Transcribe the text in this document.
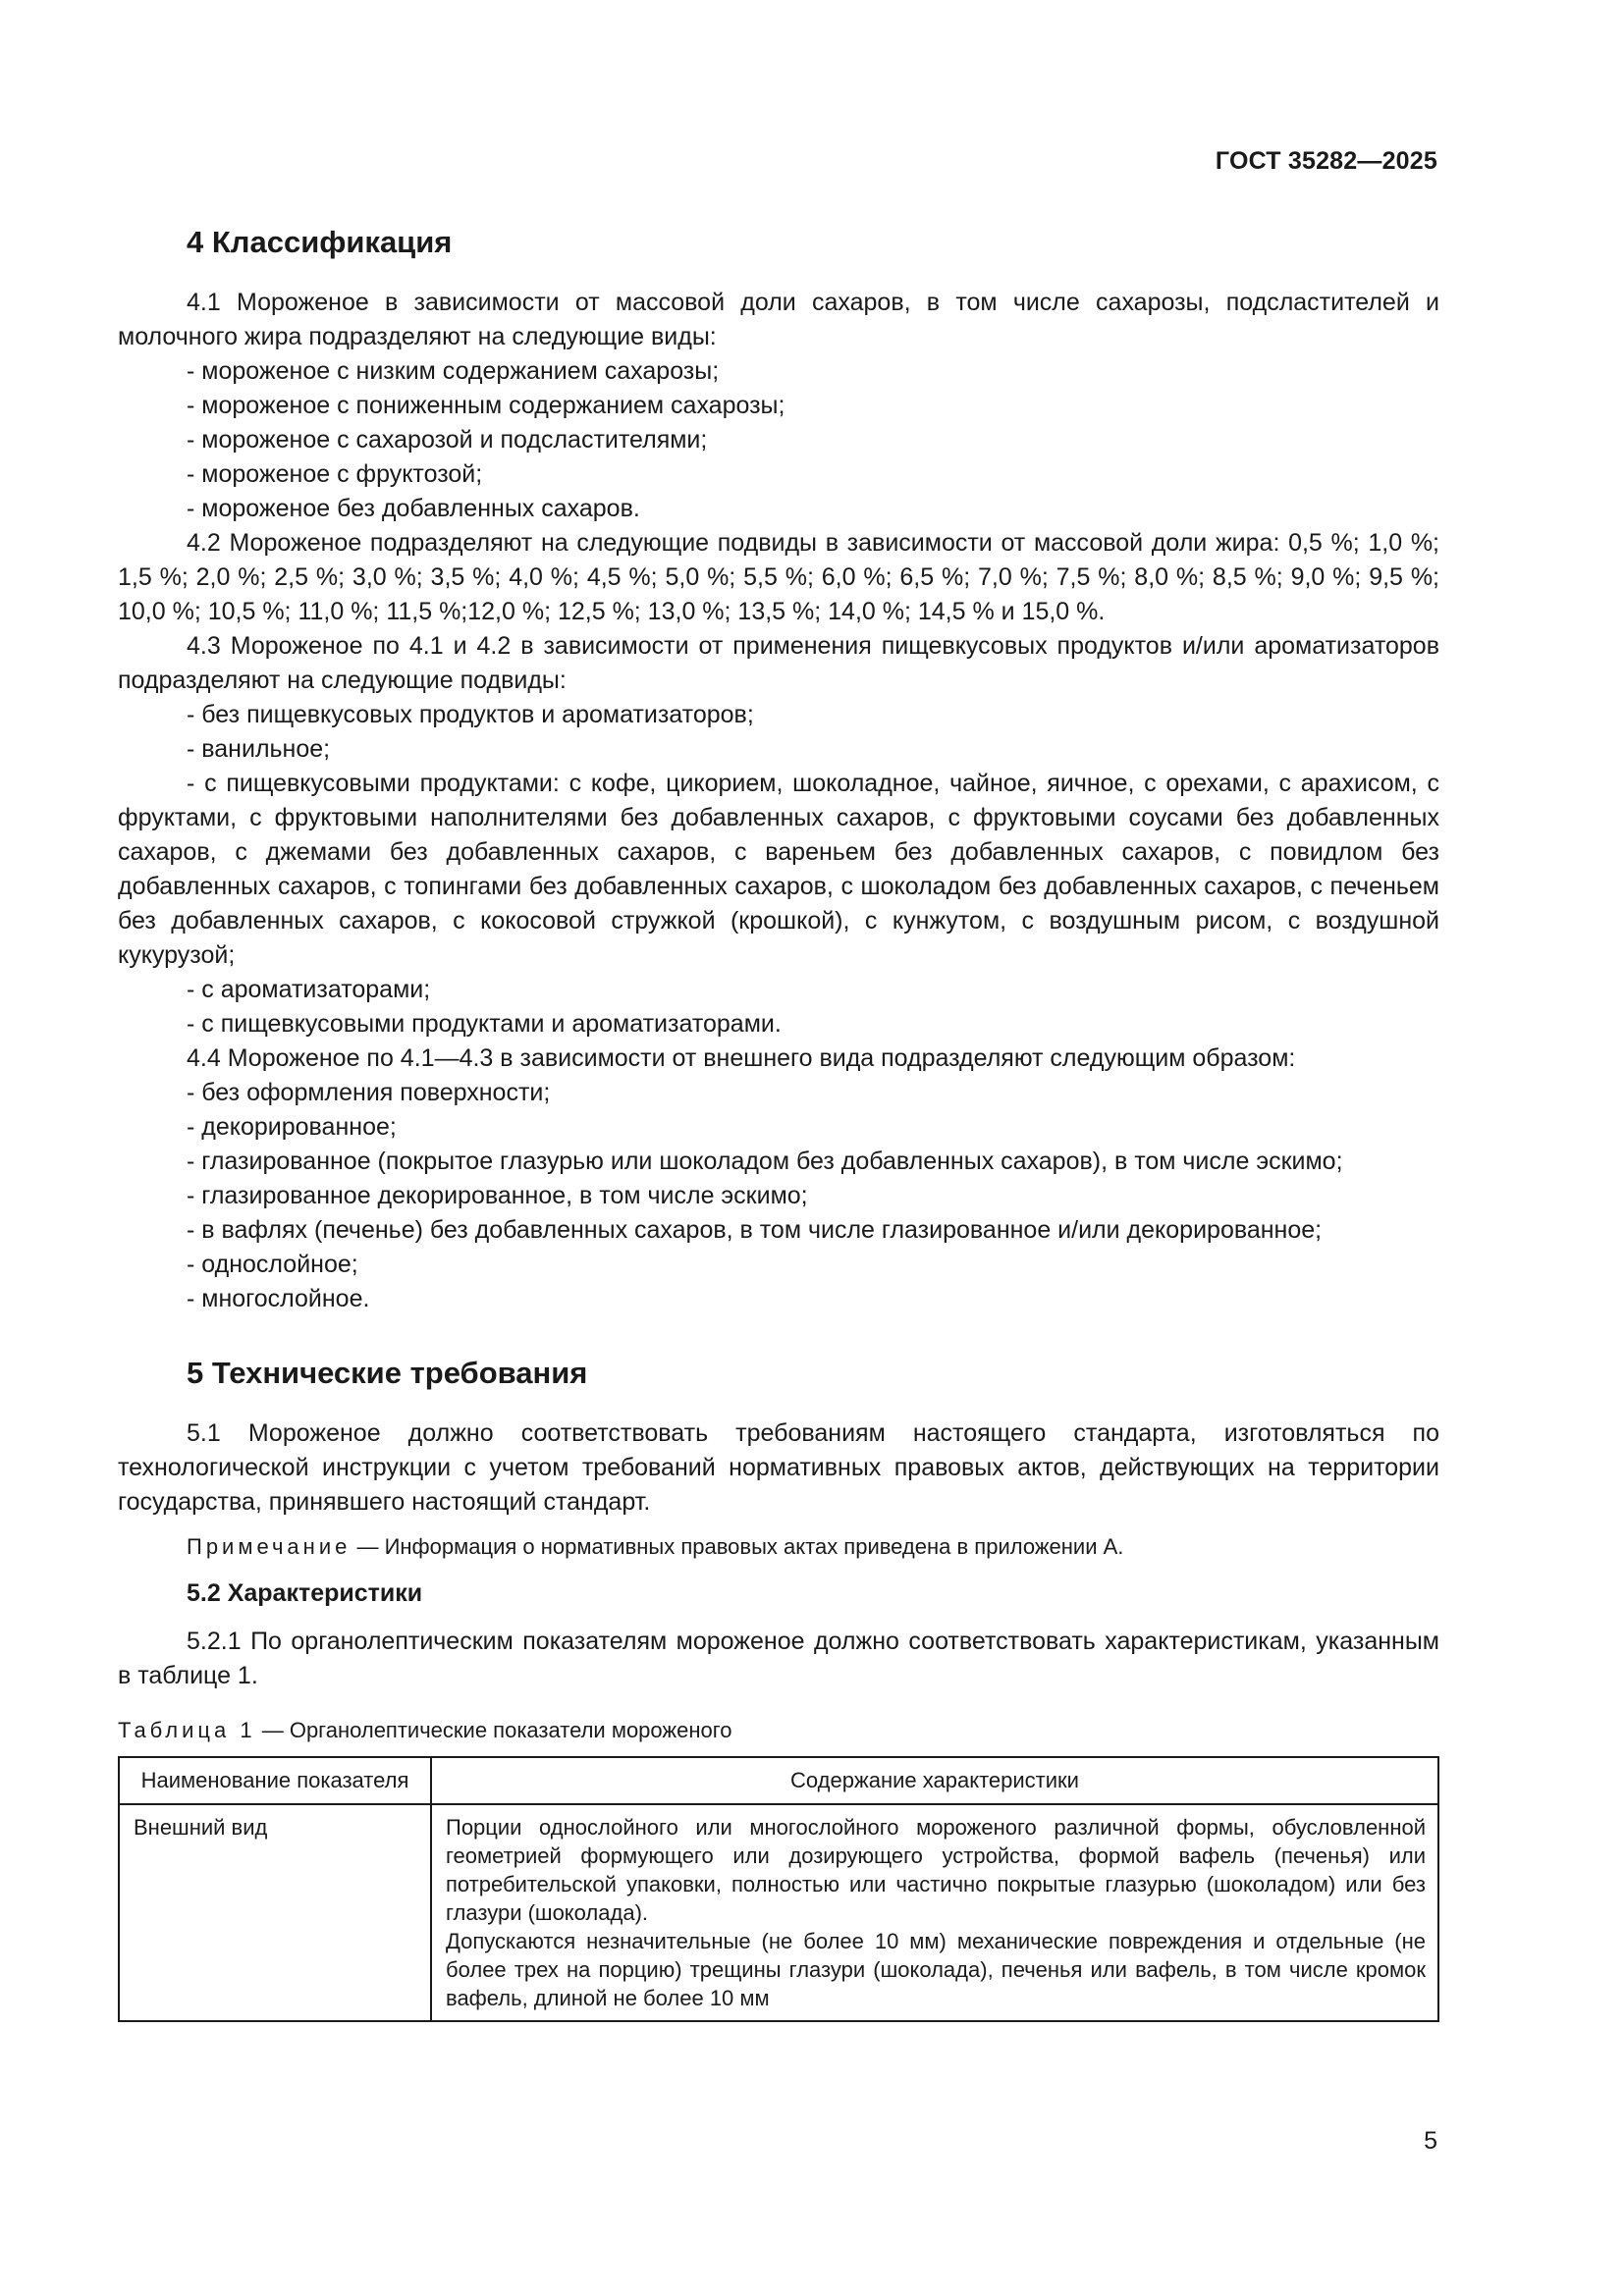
ГОСТ 35282—2025
4 Классификация

4.1 Мороженое в зависимости от массовой доли сахаров, в том числе сахарозы, подсластителей и молочного жира подразделяют на следующие виды:

- мороженое с низким содержанием сахарозы;

- мороженое с пониженным содержанием сахарозы;

- мороженое с сахарозой и подсластителями;

- мороженое с фруктозой;

- мороженое без добавленных сахаров.

4.2 Мороженое подразделяют на следующие подвиды в зависимости от массовой доли жира: 0,5 %; 1,0 %; 1,5 %; 2,0 %; 2,5 %; 3,0 %; 3,5 %; 4,0 %; 4,5 %; 5,0 %; 5,5 %; 6,0 %; 6,5 %; 7,0 %; 7,5 %; 8,0 %; 8,5 %; 9,0 %; 9,5 %; 10,0 %; 10,5 %; 11,0 %; 11,5 %;12,0 %; 12,5 %; 13,0 %; 13,5 %; 14,0 %; 14,5 % и 15,0 %.

4.3 Мороженое по 4.1 и 4.2 в зависимости от применения пищевкусовых продуктов и/или ароматизаторов подразделяют на следующие подвиды:

- без пищевкусовых продуктов и ароматизаторов;

- ванильное;

- с пищевкусовыми продуктами: с кофе, цикорием, шоколадное, чайное, яичное, с орехами, с арахисом, с фруктами, с фруктовыми наполнителями без добавленных сахаров, с фруктовыми соусами без добавленных сахаров, с джемами без добавленных сахаров, с вареньем без добавленных сахаров, с повидлом без добавленных сахаров, с топингами без добавленных сахаров, с шоколадом без добавленных сахаров, с печеньем без добавленных сахаров, с кокосовой стружкой (крошкой), с кунжутом, с воздушным рисом, с воздушной кукурузой;

- с ароматизаторами;

- с пищевкусовыми продуктами и ароматизаторами.

4.4 Мороженое по 4.1—4.3 в зависимости от внешнего вида подразделяют следующим образом:

- без оформления поверхности;

- декорированное;

- глазированное (покрытое глазурью или шоколадом без добавленных сахаров), в том числе эскимо;

- глазированное декорированное, в том числе эскимо;

- в вафлях (печенье) без добавленных сахаров, в том числе глазированное и/или декорированное;

- однослойное;

- многослойное.

5 Технические требования

5.1 Мороженое должно соответствовать требованиям настоящего стандарта, изготовляться по технологической инструкции с учетом требований нормативных правовых актов, действующих на территории государства, принявшего настоящий стандарт.

Примечание — Информация о нормативных правовых актах приведена в приложении А.

5.2 Характеристики

5.2.1 По органолептическим показателям мороженое должно соответствовать характеристикам, указанным в таблице 1.

Таблица 1 — Органолептические показатели мороженого

Наименование показателя	Содержание характеристики
Внешний вид	Порции однослойного или многослойного мороженого различной формы, обусловленной геометрией формующего или дозирующего устройства, формой вафель (печенья) или потребительской упаковки, полностью или частично покрытые глазурью (шоколадом) или без глазури (шоколада).
Допускаются незначительные (не более 10 мм) механические повреждения и отдельные (не более трех на порцию) трещины глазури (шоколада), печенья или вафель, в том числе кромок вафель, длиной не более 10 мм
5
